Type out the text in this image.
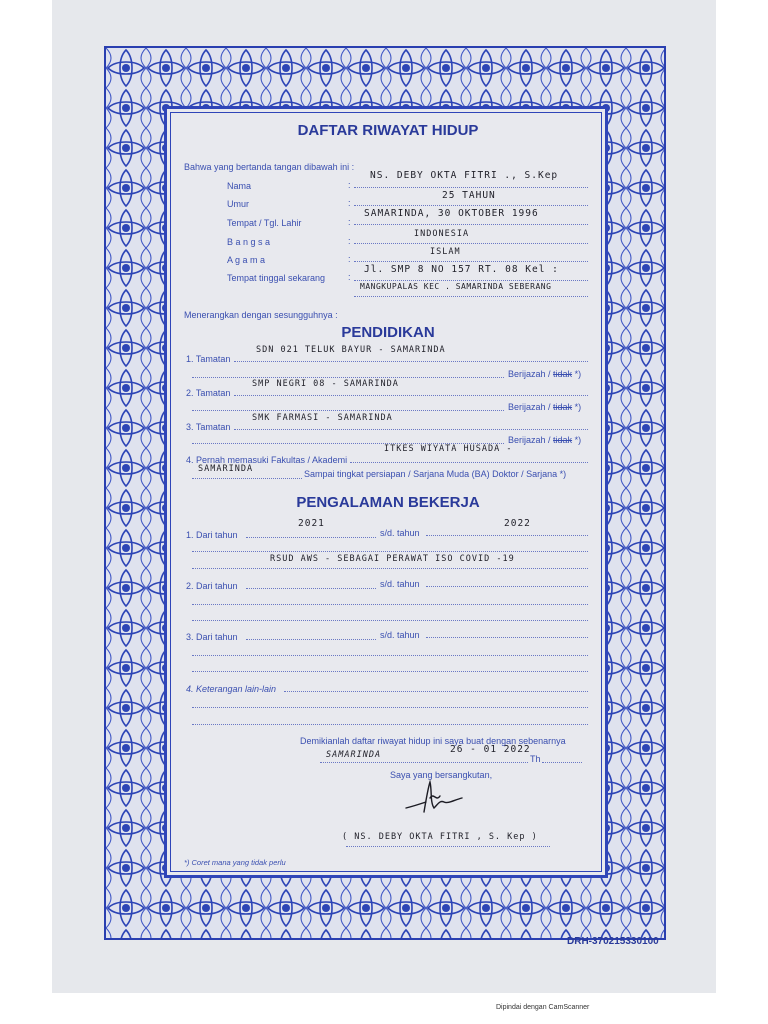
DAFTAR RIWAYAT HIDUP
Bahwa yang bertanda tangan dibawah ini :
Nama	:
NS. DEBY OKTA FITRI ., S.Kep
Umur	:
25 TAHUN
Tempat / Tgl. Lahir	:
SAMARINDA, 30 OKTOBER 1996
B a n g s a	:
INDONESIA
A g a m a	:
ISLAM
Tempat tinggal sekarang	:
Jl. SMP 8 NO 157 RT. 08 Kel :
MANGKUPALAS KEC . SAMARINDA SEBERANG
Menerangkan dengan sesungguhnya :
PENDIDIKAN
1. Tamatan
SDN 021 TELUK BAYUR - SAMARINDA
Berijazah / tidak *)
2. Tamatan
SMP NEGRI 08 - SAMARINDA
Berijazah / tidak *)
3. Tamatan
SMK FARMASI - SAMARINDA
Berijazah / tidak *)
4. Pernah memasuki Fakultas / Akademi
ITKES WIYATA HUSADA -
SAMARINDA	Sampai tingkat persiapan / Sarjana Muda (BA) Doktor / Sarjana *)
PENGALAMAN BEKERJA
1. Dari tahun
2021
s/d. tahun
2022
RSUD AWS - SEBAGAI PERAWAT ISO COVID -19
2. Dari tahun	s/d. tahun
3. Dari tahun	s/d. tahun
4. Keterangan lain-lain
Demikianlah daftar riwayat hidup ini saya buat dengan sebenarnya
SAMARINDA	26 - 01 2022
Th
Saya yang bersangkutan,
( NS. DEBY OKTA FITRI , S. Kep )
*) Coret mana yang tidak perlu
DRH-370215330100
Dipindai dengan CamScanner
